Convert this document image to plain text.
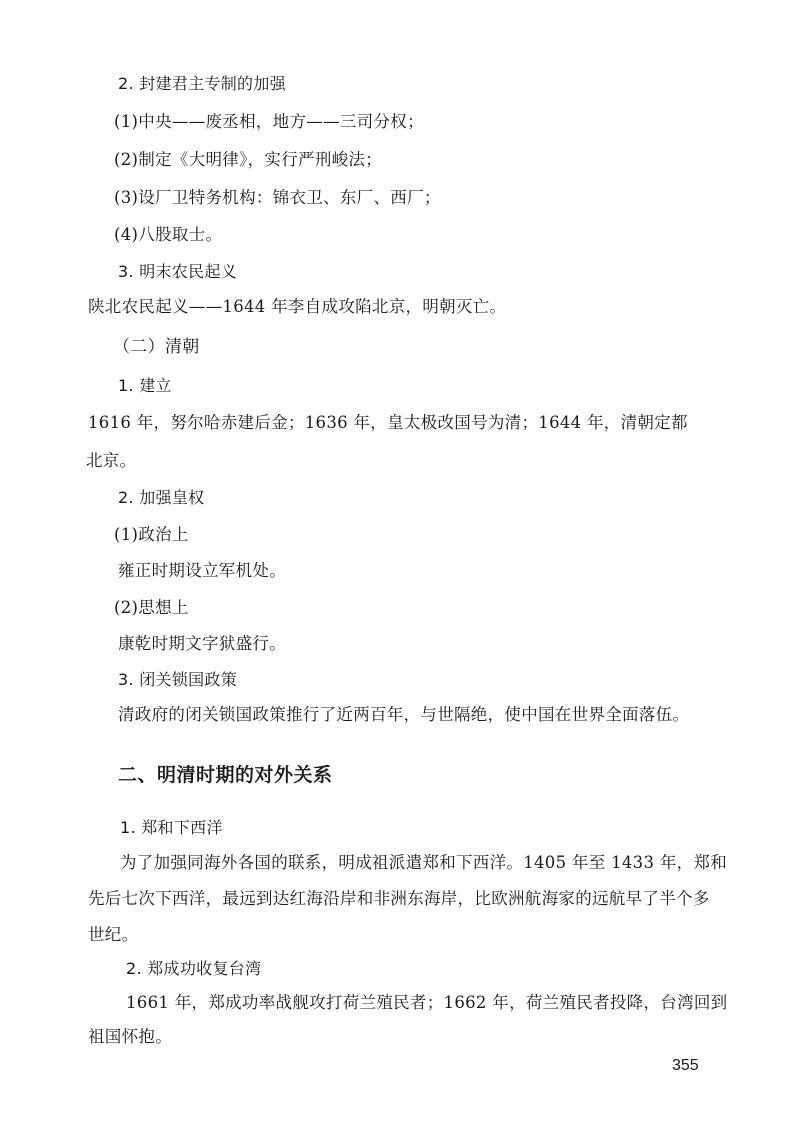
2. 封建君主专制的加强
(1)中央——废丞相，地方——三司分权；
(2)制定《大明律》，实行严刑峻法；
(3)设厂卫特务机构：锦衣卫、东厂、西厂；
(4)八股取士。
3. 明末农民起义
陕北农民起义——1644 年李自成攻陷北京，明朝灭亡。
（二）清朝
1. 建立
1616 年，努尔哈赤建后金；1636 年，皇太极改国号为清；1644 年，清朝定都
北京。
2. 加强皇权
(1)政治上
雍正时期设立军机处。
(2)思想上
康乾时期文字狱盛行。
3. 闭关锁国政策
清政府的闭关锁国政策推行了近两百年，与世隔绝，使中国在世界全面落伍。
二、明清时期的对外关系
1. 郑和下西洋
为了加强同海外各国的联系，明成祖派遣郑和下西洋。1405 年至 1433 年，郑和
先后七次下西洋，最远到达红海沿岸和非洲东海岸，比欧洲航海家的远航早了半个多
世纪。
2. 郑成功收复台湾
1661 年，郑成功率战舰攻打荷兰殖民者；1662 年，荷兰殖民者投降，台湾回到
祖国怀抱。
355
